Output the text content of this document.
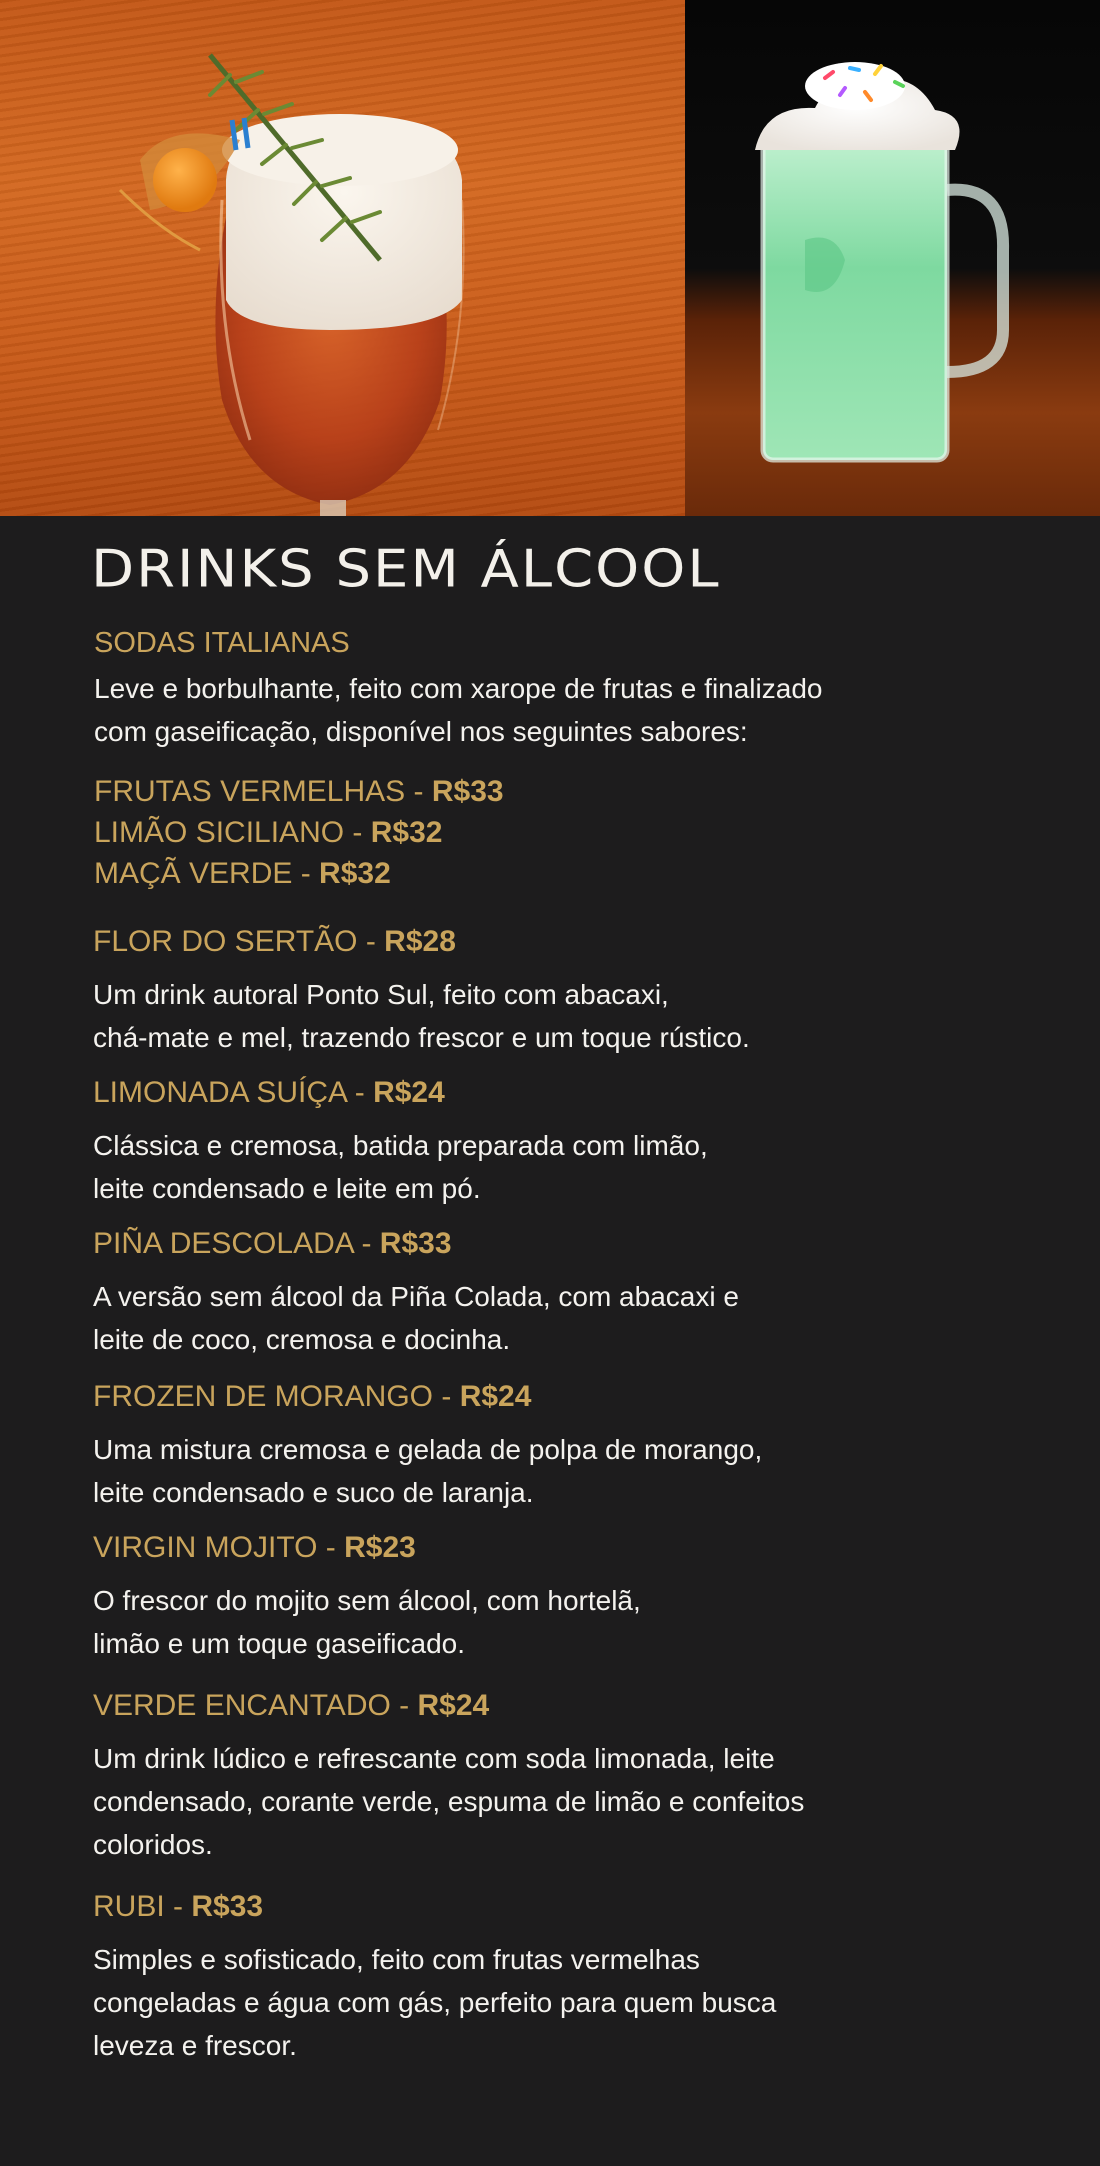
DRINKS SEM ÁLCOOL
SODAS ITALIANAS

Leve e borbulhante, feito com xarope de frutas e finalizado
com gaseificação, disponível nos seguintes sabores:

FRUTAS VERMELHAS - R$33

LIMÃO SICILIANO - R$32

MAÇÃ VERDE - R$32

FLOR DO SERTÃO - R$28

Um drink autoral Ponto Sul, feito com abacaxi,
chá-mate e mel, trazendo frescor e um toque rústico.

LIMONADA SUÍÇA - R$24

Clássica e cremosa, batida preparada com limão,
leite condensado e leite em pó.

PIÑA DESCOLADA - R$33

A versão sem álcool da Piña Colada, com abacaxi e
leite de coco, cremosa e docinha.

FROZEN DE MORANGO - R$24

Uma mistura cremosa e gelada de polpa de morango,
leite condensado e suco de laranja.

VIRGIN MOJITO - R$23

O frescor do mojito sem álcool, com hortelã,
limão e um toque gaseificado.

VERDE ENCANTADO - R$24

Um drink lúdico e refrescante com soda limonada, leite
condensado, corante verde, espuma de limão e confeitos
coloridos.

RUBI - R$33

Simples e sofisticado, feito com frutas vermelhas
congeladas e água com gás, perfeito para quem busca
leveza e frescor.
